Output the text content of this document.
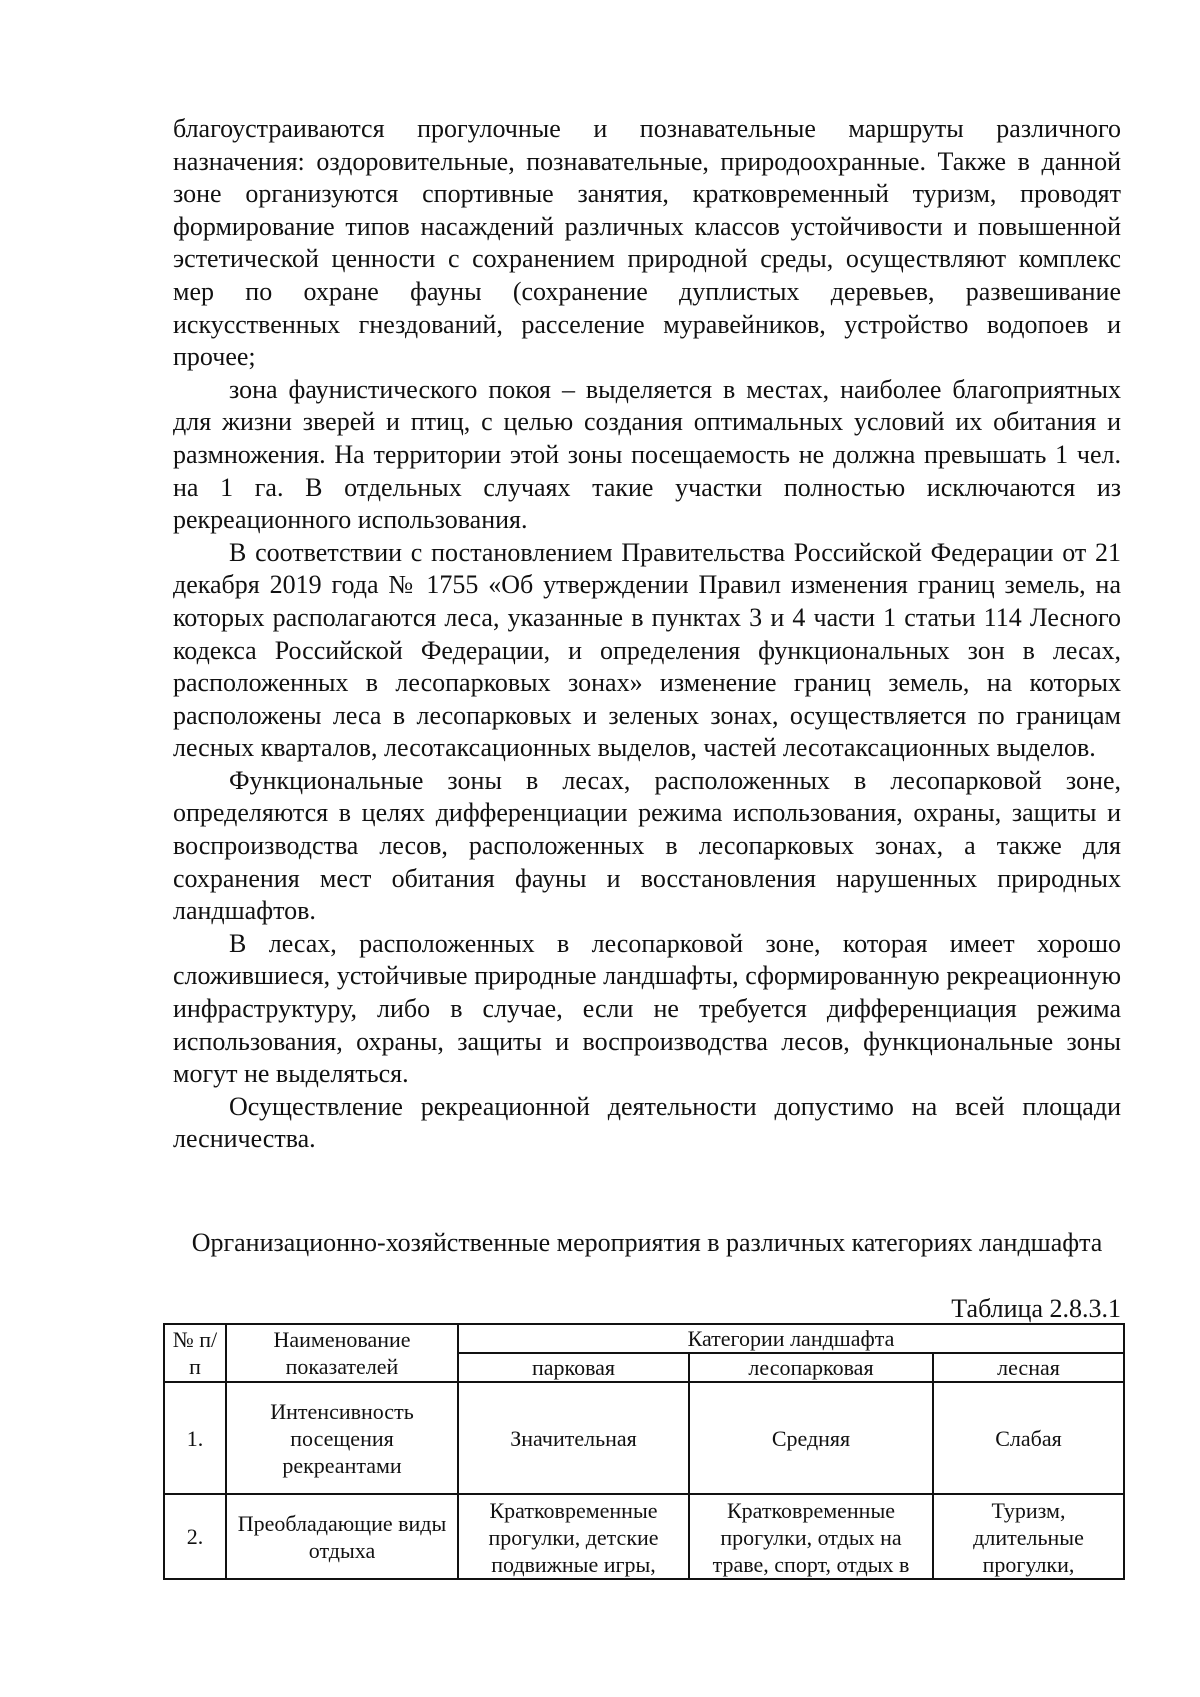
благоустраиваются прогулочные и познавательные маршруты различного назначения: оздоровительные, познавательные, природоохранные. Также в данной зоне организуются спортивные занятия, кратковременный туризм, проводят формирование типов насаждений различных классов устойчивости и повышенной эстетической ценности с сохранением природной среды, осуществляют комплекс мер по охране фауны (сохранение дуплистых деревьев, развешивание искусственных гнездований, расселение муравейников, устройство водопоев и прочее;

зона фаунистического покоя – выделяется в местах, наиболее благоприятных для жизни зверей и птиц, с целью создания оптимальных условий их обитания и размножения. На территории этой зоны посещаемость не должна превышать 1 чел. на 1 га. В отдельных случаях такие участки полностью исключаются из рекреационного использования.

В соответствии с постановлением Правительства Российской Федерации от 21 декабря 2019 года № 1755 «Об утверждении Правил изменения границ земель, на которых располагаются леса, указанные в пунктах 3 и 4 части 1 статьи 114 Лесного кодекса Российской Федерации, и определения функциональных зон в лесах, расположенных в лесопарковых зонах» изменение границ земель, на которых расположены леса в лесопарковых и зеленых зонах, осуществляется по границам лесных кварталов, лесотаксационных выделов, частей лесотаксационных выделов.

Функциональные зоны в лесах, расположенных в лесопарковой зоне, определяются в целях дифференциации режима использования, охраны, защиты и воспроизводства лесов, расположенных в лесопарковых зонах, а также для сохранения мест обитания фауны и восстановления нарушенных природных ландшафтов.

В лесах, расположенных в лесопарковой зоне, которая имеет хорошо сложившиеся, устойчивые природные ландшафты, сформированную рекреационную инфраструктуру, либо в случае, если не требуется дифференциация режима использования, охраны, защиты и воспроизводства лесов, функциональные зоны могут не выделяться.

Осуществление рекреационной деятельности допустимо на всей площади лесничества.

Организационно-хозяйственные мероприятия в различных категориях ландшафта
Таблица 2.8.3.1
№ п/п	Наименование показателей	Категории ландшафта		
		парковая	лесопарковая	лесная
1.	Интенсивность посещения рекреантами	Значительная	Средняя	Слабая
2.	Преобладающие виды отдыха	Кратковременные прогулки, детские подвижные игры,	Кратковременные прогулки, отдых на траве, спорт, отдых в	Туризм, длительные прогулки,
